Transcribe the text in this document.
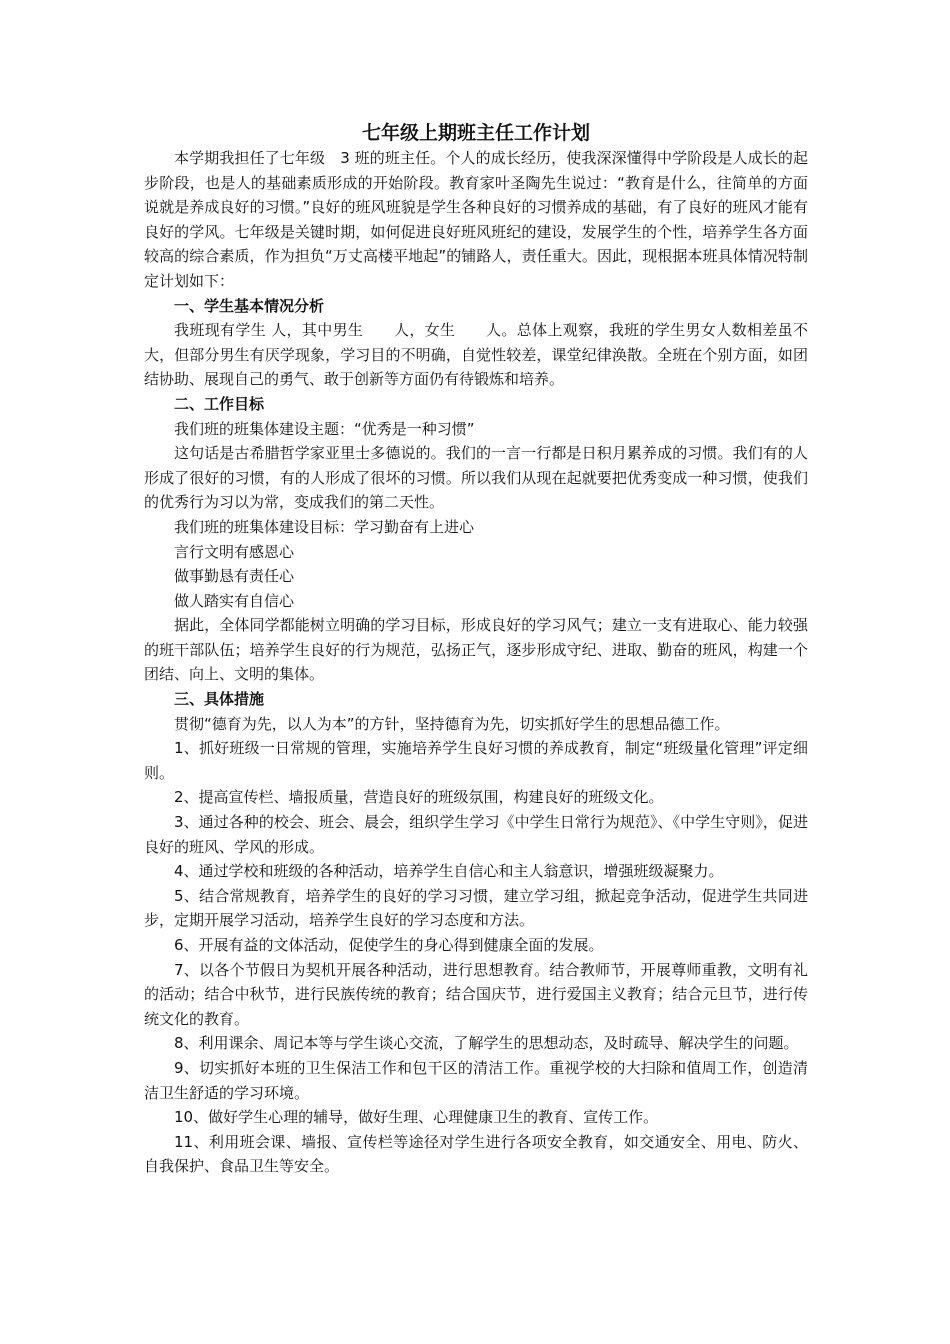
七年级上期班主任工作计划

本学期我担任了七年级　3 班的班主任。个人的成长经历，使我深深懂得中学阶段是人成长的起步阶段，也是人的基础素质形成的开始阶段。教育家叶圣陶先生说过：“教育是什么，往简单的方面说就是养成良好的习惯。”良好的班风班貌是学生各种良好的习惯养成的基础，有了良好的班风才能有良好的学风。七年级是关键时期，如何促进良好班风班纪的建设，发展学生的个性，培养学生各方面较高的综合素质，作为担负“万丈高楼平地起”的铺路人，责任重大。因此，现根据本班具体情况特制定计划如下：

一、学生基本情况分析

我班现有学生 人，其中男生　　人，女生　　人。总体上观察，我班的学生男女人数相差虽不大，但部分男生有厌学现象，学习目的不明确，自觉性较差，课堂纪律涣散。全班在个别方面，如团结协助、展现自己的勇气、敢于创新等方面仍有待锻炼和培养。

二、工作目标

我们班的班集体建设主题：“优秀是一种习惯”

这句话是古希腊哲学家亚里士多德说的。我们的一言一行都是日积月累养成的习惯。我们有的人形成了很好的习惯，有的人形成了很坏的习惯。所以我们从现在起就要把优秀变成一种习惯，使我们的优秀行为习以为常，变成我们的第二天性。

我们班的班集体建设目标：学习勤奋有上进心

言行文明有感恩心

做事勤恳有责任心

做人踏实有自信心

据此，全体同学都能树立明确的学习目标，形成良好的学习风气；建立一支有进取心、能力较强的班干部队伍；培养学生良好的行为规范，弘扬正气，逐步形成守纪、进取、勤奋的班风，构建一个团结、向上、文明的集体。

三、具体措施

贯彻“德育为先，以人为本”的方针，坚持德育为先，切实抓好学生的思想品德工作。

1、抓好班级一日常规的管理，实施培养学生良好习惯的养成教育，制定“班级量化管理”评定细则。

2、提高宣传栏、墙报质量，营造良好的班级氛围，构建良好的班级文化。

3、通过各种的校会、班会、晨会，组织学生学习《中学生日常行为规范》、《中学生守则》，促进良好的班风、学风的形成。

4、通过学校和班级的各种活动，培养学生自信心和主人翁意识，增强班级凝聚力。

5、结合常规教育，培养学生的良好的学习习惯，建立学习组，掀起竞争活动，促进学生共同进步，定期开展学习活动，培养学生良好的学习态度和方法。

6、开展有益的文体活动，促使学生的身心得到健康全面的发展。

7、以各个节假日为契机开展各种活动，进行思想教育。结合教师节，开展尊师重教，文明有礼的活动；结合中秋节，进行民族传统的教育；结合国庆节，进行爱国主义教育；结合元旦节，进行传统文化的教育。

8、利用课余、周记本等与学生谈心交流，了解学生的思想动态，及时疏导、解决学生的问题。

9、切实抓好本班的卫生保洁工作和包干区的清洁工作。重视学校的大扫除和值周工作，创造清洁卫生舒适的学习环境。

10、做好学生心理的辅导，做好生理、心理健康卫生的教育、宣传工作。

11、利用班会课、墙报、宣传栏等途径对学生进行各项安全教育，如交通安全、用电、防火、自我保护、食品卫生等安全。
